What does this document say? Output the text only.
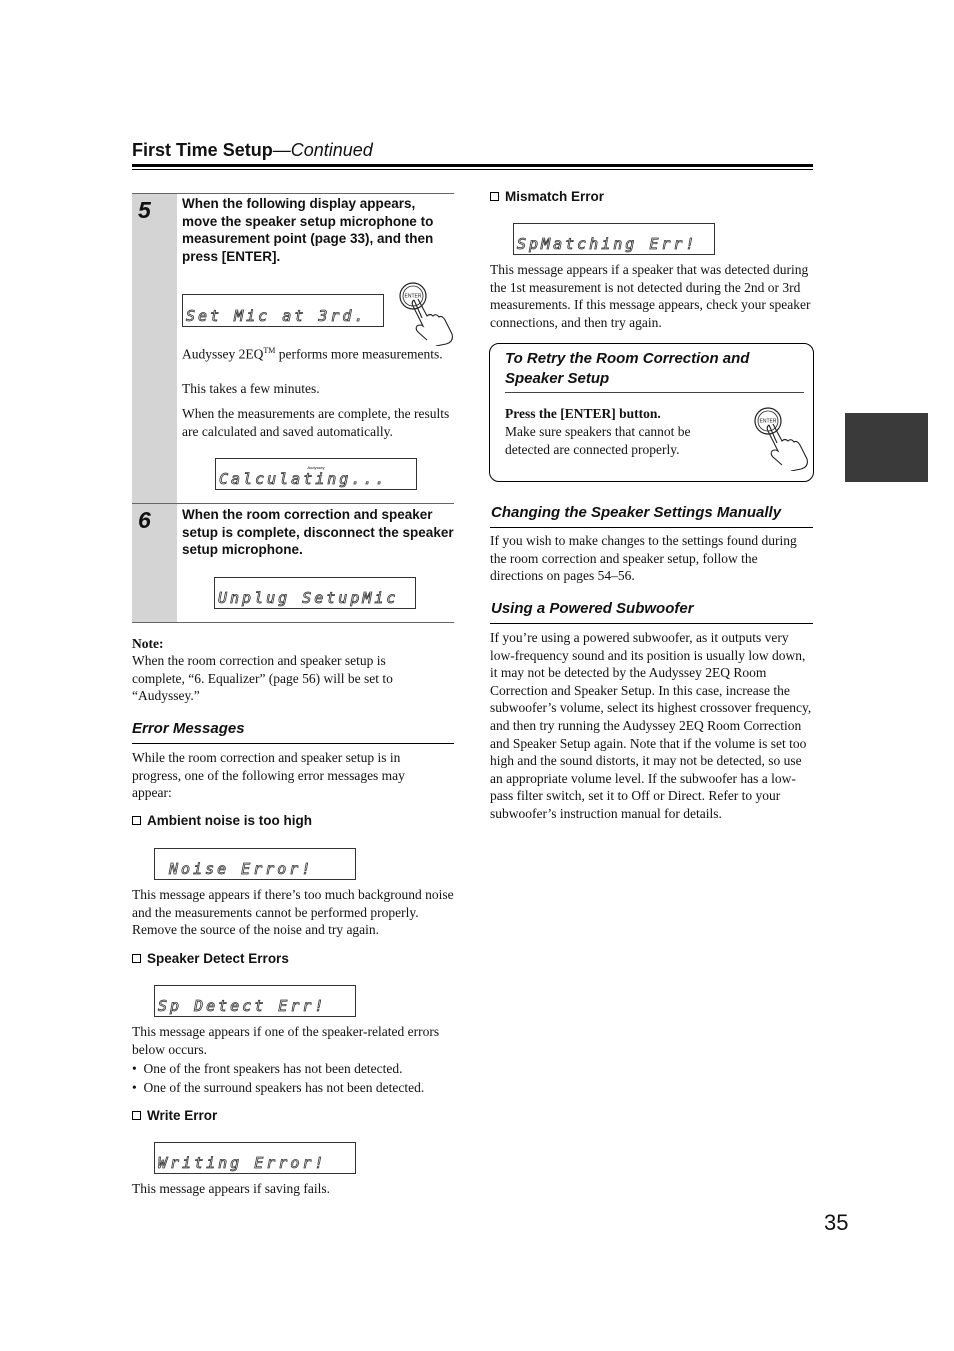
First Time Setup—Continued
5 When the following display appears, move the speaker setup microphone to measurement point (page 33), and then press [ENTER].
Set Mic at 3rd.
ENTER
Audyssey 2EQ™ performs more measurements.
This takes a few minutes.
When the measurements are complete, the results are calculated and saved automatically.
Audyssey
Calculating...
6 When the room correction and speaker setup is complete, disconnect the speaker setup microphone.
Unplug SetupMic
Note:
When the room correction and speaker setup is complete, “6. Equalizer” (page 56) will be set to “Audyssey.”
Error Messages
While the room correction and speaker setup is in progress, one of the following error messages may appear:
Ambient noise is too high
Noise Error!
This message appears if there’s too much background noise and the measurements cannot be performed properly. Remove the source of the noise and try again.
Speaker Detect Errors
Sp Detect Err!
This message appears if one of the speaker-related errors below occurs.
•  One of the front speakers has not been detected.
•  One of the surround speakers has not been detected.
Write Error
Writing Error!
This message appears if saving fails.
Mismatch Error
SpMatching Err!
This message appears if a speaker that was detected during the 1st measurement is not detected during the 2nd or 3rd measurements. If this message appears, check your speaker connections, and then try again.
To Retry the Room Correction and Speaker Setup
Press the [ENTER] button.
Make sure speakers that cannot be detected are connected properly.
ENTER
Changing the Speaker Settings Manually
If you wish to make changes to the settings found during the room correction and speaker setup, follow the directions on pages 54–56.
Using a Powered Subwoofer
If you’re using a powered subwoofer, as it outputs very low-frequency sound and its position is usually low down, it may not be detected by the Audyssey 2EQ Room Correction and Speaker Setup. In this case, increase the subwoofer’s volume, select its highest crossover frequency, and then try running the Audyssey 2EQ Room Correction and Speaker Setup again. Note that if the volume is set too high and the sound distorts, it may not be detected, so use an appropriate volume level. If the subwoofer has a low-pass filter switch, set it to Off or Direct. Refer to your subwoofer’s instruction manual for details.
35
